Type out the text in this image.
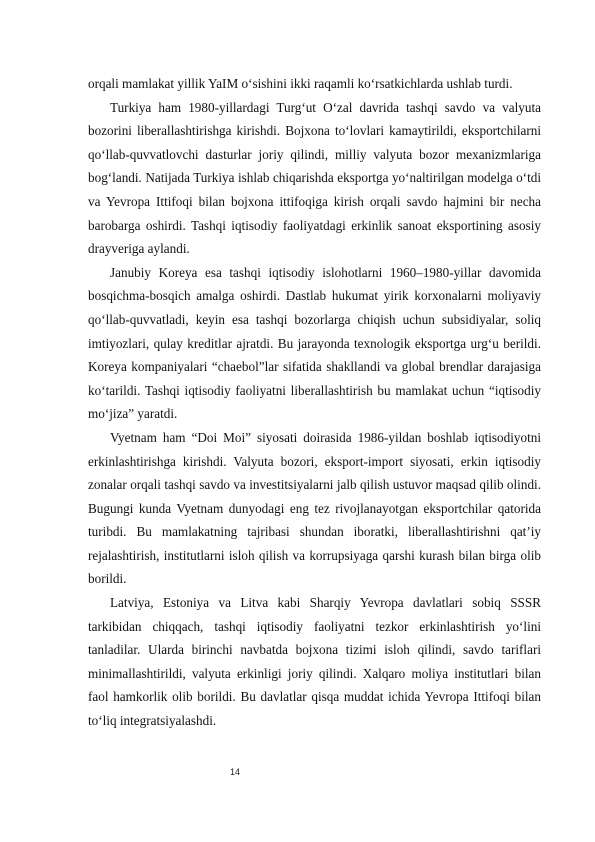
orqali mamlakat yillik YaIM o‘sishini ikki raqamli ko‘rsatkichlarda ushlab turdi.

Turkiya ham 1980-yillardagi Turg‘ut O‘zal davrida tashqi savdo va valyuta bozorini liberallashtirishga kirishdi. Bojxona to‘lovlari kamaytirildi, eksportchilarni qo‘llab-quvvatlovchi dasturlar joriy qilindi, milliy valyuta bozor mexanizmlariga bog‘landi. Natijada Turkiya ishlab chiqarishda eksportga yo‘naltirilgan modelga o‘tdi va Yevropa Ittifoqi bilan bojxona ittifoqiga kirish orqali savdo hajmini bir necha barobarga oshirdi. Tashqi iqtisodiy faoliyatdagi erkinlik sanoat eksportining asosiy drayveriga aylandi.

Janubiy Koreya esa tashqi iqtisodiy islohotlarni 1960–1980-yillar davomida bosqichma-bosqich amalga oshirdi. Dastlab hukumat yirik korxonalarni moliyaviy qo‘llab-quvvatladi, keyin esa tashqi bozorlarga chiqish uchun subsidiyalar, soliq imtiyozlari, qulay kreditlar ajratdi. Bu jarayonda texnologik eksportga urg‘u berildi. Koreya kompaniyalari “chaebol”lar sifatida shakllandi va global brendlar darajasiga ko‘tarildi. Tashqi iqtisodiy faoliyatni liberallashtirish bu mamlakat uchun “iqtisodiy mo‘jiza” yaratdi.

Vyetnam ham “Doi Moi” siyosati doirasida 1986-yildan boshlab iqtisodiyotni erkinlashtirishga kirishdi. Valyuta bozori, eksport-import siyosati, erkin iqtisodiy zonalar orqali tashqi savdo va investitsiyalarni jalb qilish ustuvor maqsad qilib olindi. Bugungi kunda Vyetnam dunyodagi eng tez rivojlanayotgan eksportchilar qatorida turibdi. Bu mamlakatning tajribasi shundan iboratki, liberallashtirishni qat’iy rejalashtirish, institutlarni isloh qilish va korrupsiyaga qarshi kurash bilan birga olib borildi.

Latviya, Estoniya va Litva kabi Sharqiy Yevropa davlatlari sobiq SSSR tarkibidan chiqqach, tashqi iqtisodiy faoliyatni tezkor erkinlashtirish yo‘lini tanladilar. Ularda birinchi navbatda bojxona tizimi isloh qilindi, savdo tariflari minimallashtirildi, valyuta erkinligi joriy qilindi. Xalqaro moliya institutlari bilan faol hamkorlik olib borildi. Bu davlatlar qisqa muddat ichida Yevropa Ittifoqi bilan to‘liq integratsiyalashdi.

14
